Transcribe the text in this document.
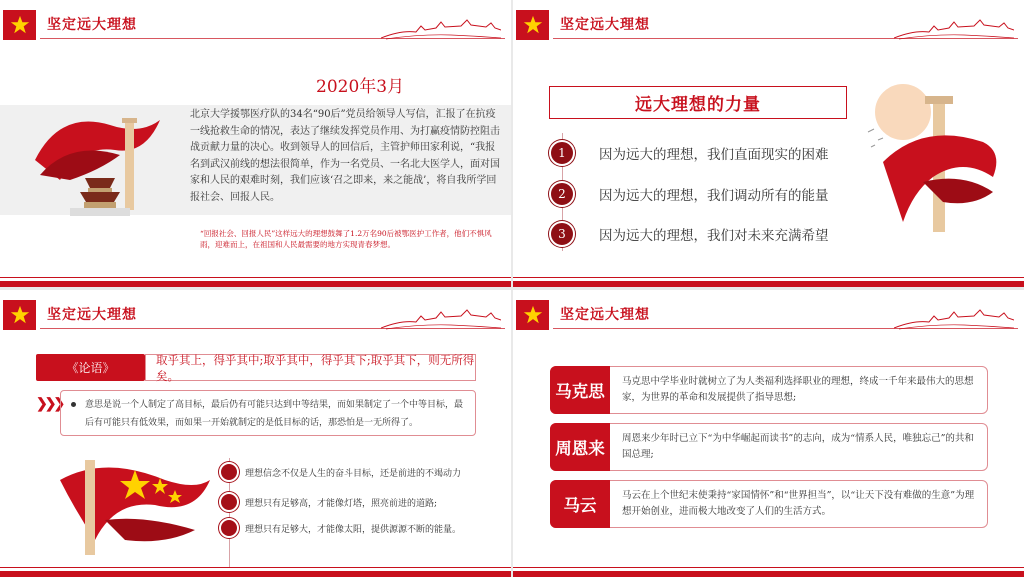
坚定远大理想
2020年3月
北京大学援鄂医疗队的34名“90后”党员给领导人写信，汇报了在抗疫一线抢救生命的情况，表达了继续发挥党员作用、为打赢疫情防控阻击战贡献力量的决心。收到领导人的回信后，主管护师田家利说，“我报名到武汉前线的想法很简单，作为一名党员、一名北大医学人，面对国家和人民的艰难时刻，我们应该‘召之即来，来之能战’，将自我所学回报社会、回报人民。
“回报社会、回报人民”这样远大的理想鼓舞了1.2万名90后被鄂医护工作者，他们不惧风雨，迎难而上，在祖国和人民最需要的地方实现青春梦想。
坚定远大理想
远大理想的力量
1	因为远大的理想，我们直面现实的困难
2	因为远大的理想，我们调动所有的能量
3	因为远大的理想，我们对未来充满希望
坚定远大理想
《论语》
取乎其上，得乎其中;取乎其中，得乎其下;取乎其下，则无所得矣。
❯❯❯	意思是说一个人制定了高目标，最后仍有可能只达到中等结果，而如果制定了一个中等目标，最后有可能只有低效果，而如果一开始就制定的是低目标的话，那恐怕是一无所得了。
理想信念不仅是人生的奋斗目标，还是前进的不竭动力
理想只有足够高，才能像灯塔，照亮前进的道路;
理想只有足够大，才能像太阳，提供源源不断的能量。
坚定远大理想
马克思
马克思中学毕业时就树立了为人类福利选择职业的理想，终成一千年来最伟大的思想家，为世界的革命和发展提供了指导思想;
周恩来
周恩来少年时已立下“为中华崛起而读书”的志向，成为“情系人民，唯独忘己”的共和国总理;
马云
马云在上个世纪末使秉持“家国情怀”和“世界担当”，以“让天下没有难做的生意”为理想开始创业，进而极大地改变了人们的生活方式。
